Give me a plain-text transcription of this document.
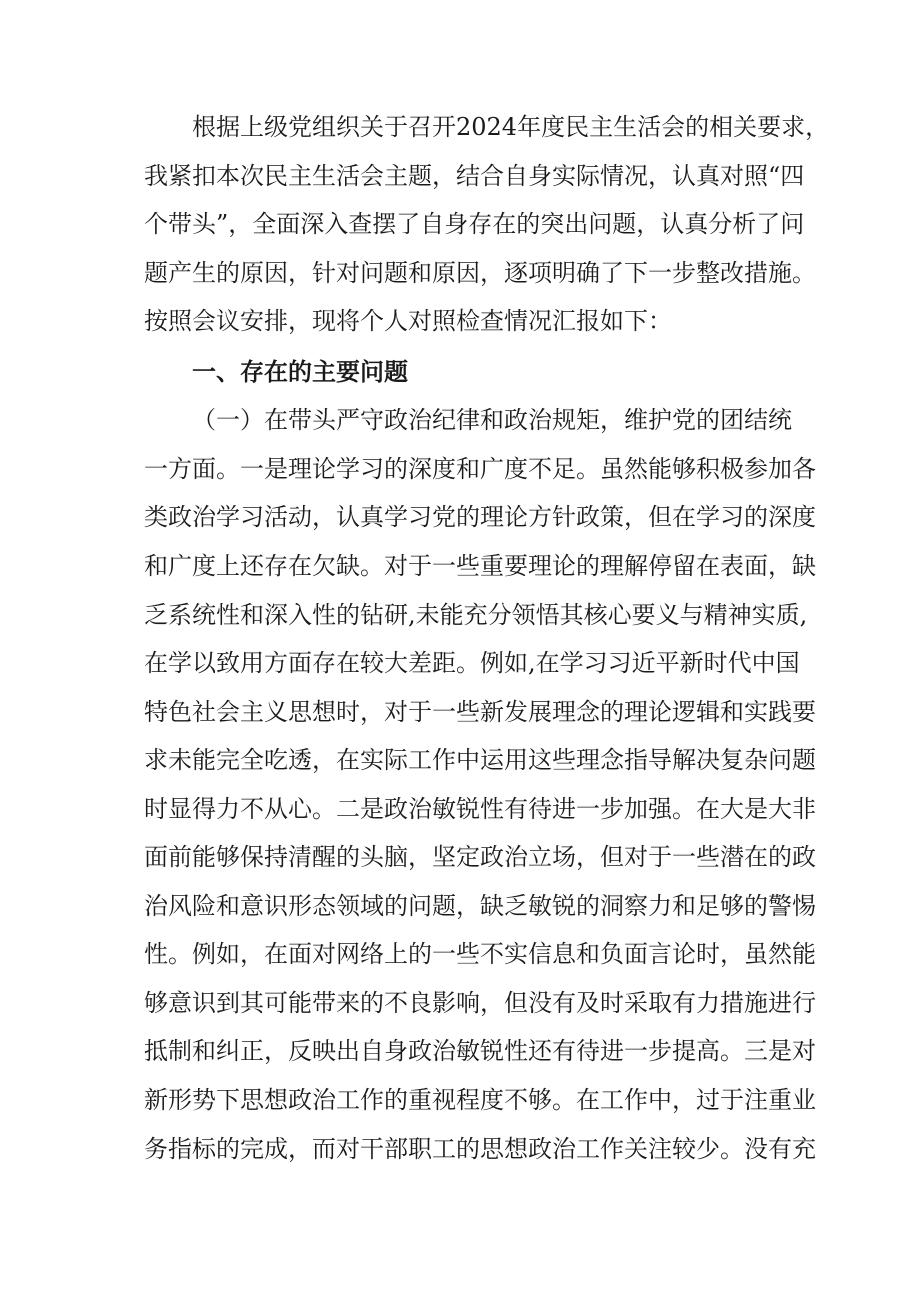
根据上级党组织关于召开2024年度民主生活会的相关要求，
我紧扣本次民主生活会主题，结合自身实际情况，认真对照“四
个带头”，全面深入查摆了自身存在的突出问题，认真分析了问
题产生的原因，针对问题和原因，逐项明确了下一步整改措施。
按照会议安排，现将个人对照检查情况汇报如下：
一、存在的主要问题
（一）在带头严守政治纪律和政治规矩，维护党的团结统
一方面。一是理论学习的深度和广度不足。虽然能够积极参加各
类政治学习活动，认真学习党的理论方针政策，但在学习的深度
和广度上还存在欠缺。对于一些重要理论的理解停留在表面，缺
乏系统性和深入性的钻研,未能充分领悟其核心要义与精神实质,
在学以致用方面存在较大差距。例如,在学习习近平新时代中国
特色社会主义思想时，对于一些新发展理念的理论逻辑和实践要
求未能完全吃透，在实际工作中运用这些理念指导解决复杂问题
时显得力不从心。二是政治敏锐性有待进一步加强。在大是大非
面前能够保持清醒的头脑，坚定政治立场，但对于一些潜在的政
治风险和意识形态领域的问题，缺乏敏锐的洞察力和足够的警惕
性。例如，在面对网络上的一些不实信息和负面言论时，虽然能
够意识到其可能带来的不良影响，但没有及时采取有力措施进行
抵制和纠正，反映出自身政治敏锐性还有待进一步提高。三是对
新形势下思想政治工作的重视程度不够。在工作中，过于注重业
务指标的完成，而对干部职工的思想政治工作关注较少。没有充
